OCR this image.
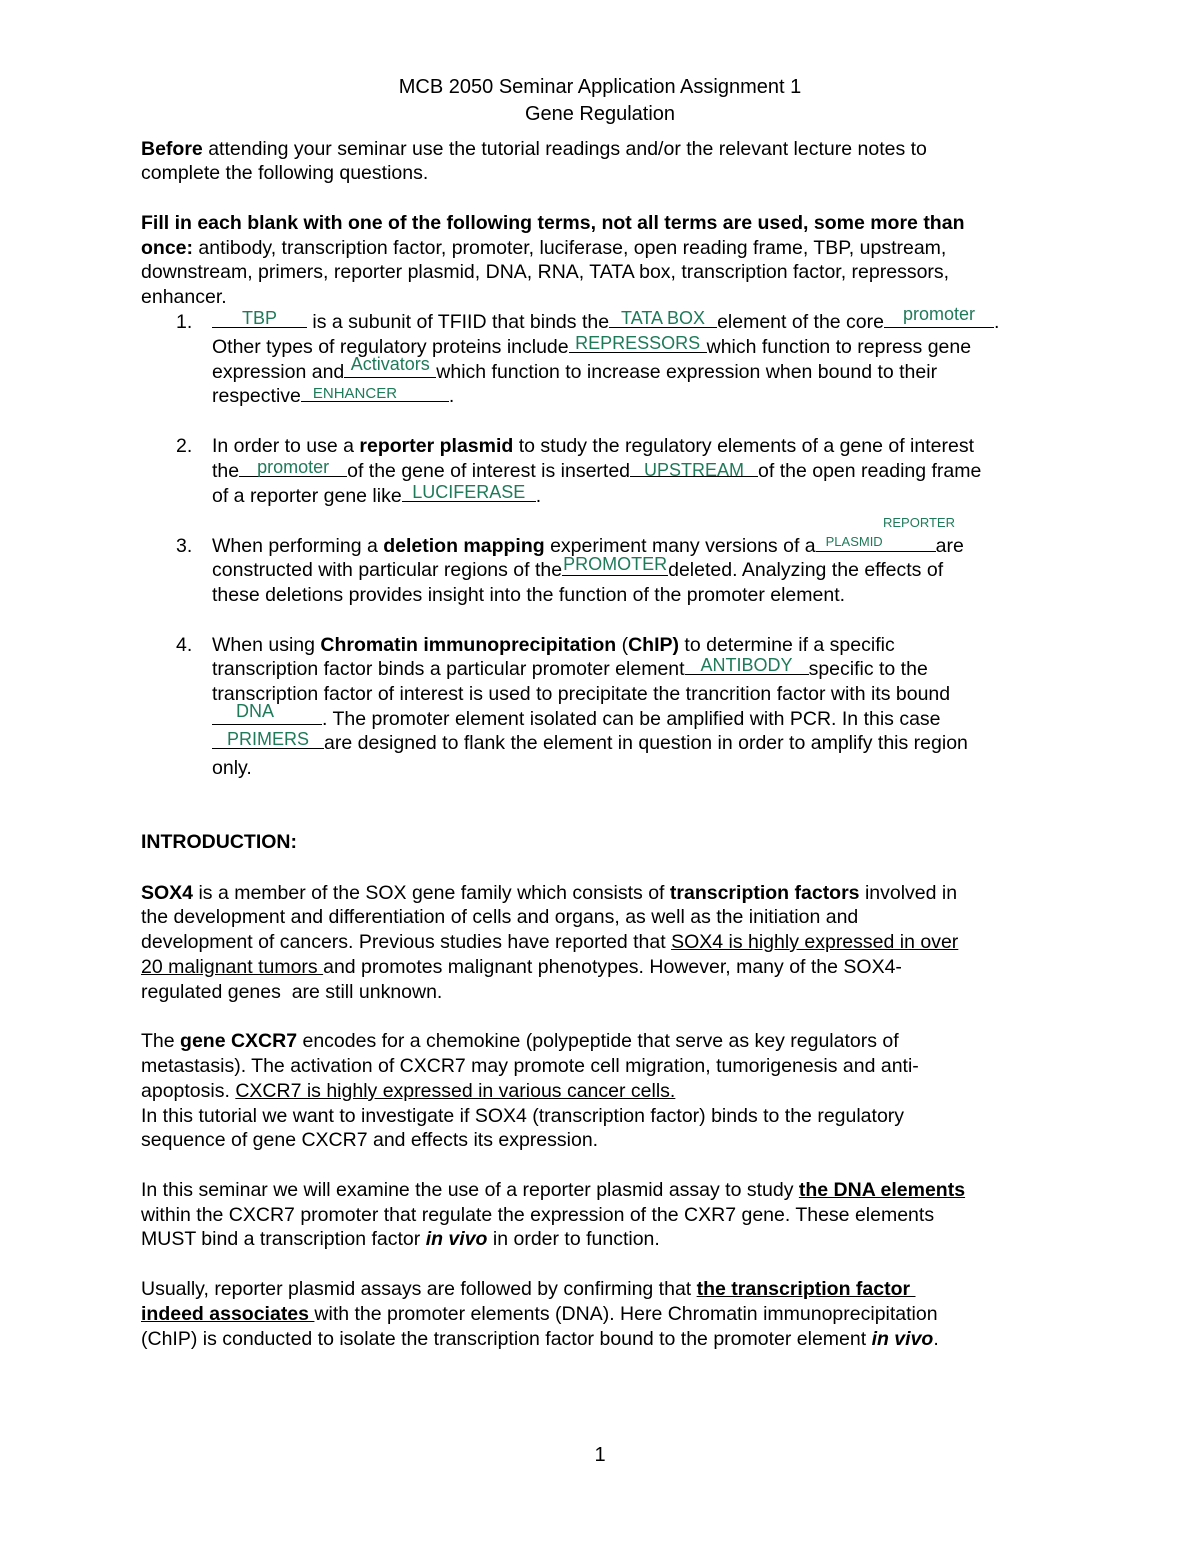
MCB 2050 Seminar Application Assignment 1
Gene Regulation
Before attending your seminar use the tutorial readings and/or the relevant lecture notes to
complete the following questions.
Fill in each blank with one of the following terms, not all terms are used, some more than
once: antibody, transcription factor, promoter, luciferase, open reading frame, TBP, upstream,
downstream, primers, reporter plasmid, DNA, RNA, TATA box, transcription factor, repressors,
enhancer.
1.	TBP	is a subunit of TFIID that binds the TATA BOX element of the core	promoter .
Other types of regulatory proteins include REPRESSORS which function to repress gene
expression and Activators which function to increase expression when bound to their
respective ENHANCER	.
2. In order to use a reporter plasmid to study the regulatory elements of a gene of interest
the promoter of the gene of interest is inserted UPSTREAM of the open reading frame
of a reporter gene like LUCIFERASE .
REPORTER
3. When performing a deletion mapping experiment many versions of a PLASMID	are
constructed with particular regions of the PROMOTER deleted. Analyzing the effects of
these deletions provides insight into the function of the promoter element.
4. When using Chromatin immunoprecipitation (ChIP) to determine if a specific
transcription factor binds a particular promoter element ANTIBODY specific to the
transcription factor of interest is used to precipitate the trancrition factor with its bound
DNA	. The promoter element isolated can be amplified with PCR. In this case
PRIMERS are designed to flank the element in question in order to amplify this region
only.
INTRODUCTION:
SOX4 is a member of the SOX gene family which consists of transcription factors involved in
the development and differentiation of cells and organs, as well as the initiation and
development of cancers. Previous studies have reported that SOX4 is highly expressed in over
20 malignant tumors and promotes malignant phenotypes. However, many of the SOX4-
regulated genes  are still unknown.
The gene CXCR7 encodes for a chemokine (polypeptide that serve as key regulators of
metastasis). The activation of CXCR7 may promote cell migration, tumorigenesis and anti-
apoptosis. CXCR7 is highly expressed in various cancer cells.
In this tutorial we want to investigate if SOX4 (transcription factor) binds to the regulatory
sequence of gene CXCR7 and effects its expression.
In this seminar we will examine the use of a reporter plasmid assay to study the DNA elements
within the CXCR7 promoter that regulate the expression of the CXR7 gene. These elements
MUST bind a transcription factor in vivo in order to function.
Usually, reporter plasmid assays are followed by confirming that the transcription factor
indeed associates with the promoter elements (DNA). Here Chromatin immunoprecipitation
(ChIP) is conducted to isolate the transcription factor bound to the promoter element in vivo.
1
